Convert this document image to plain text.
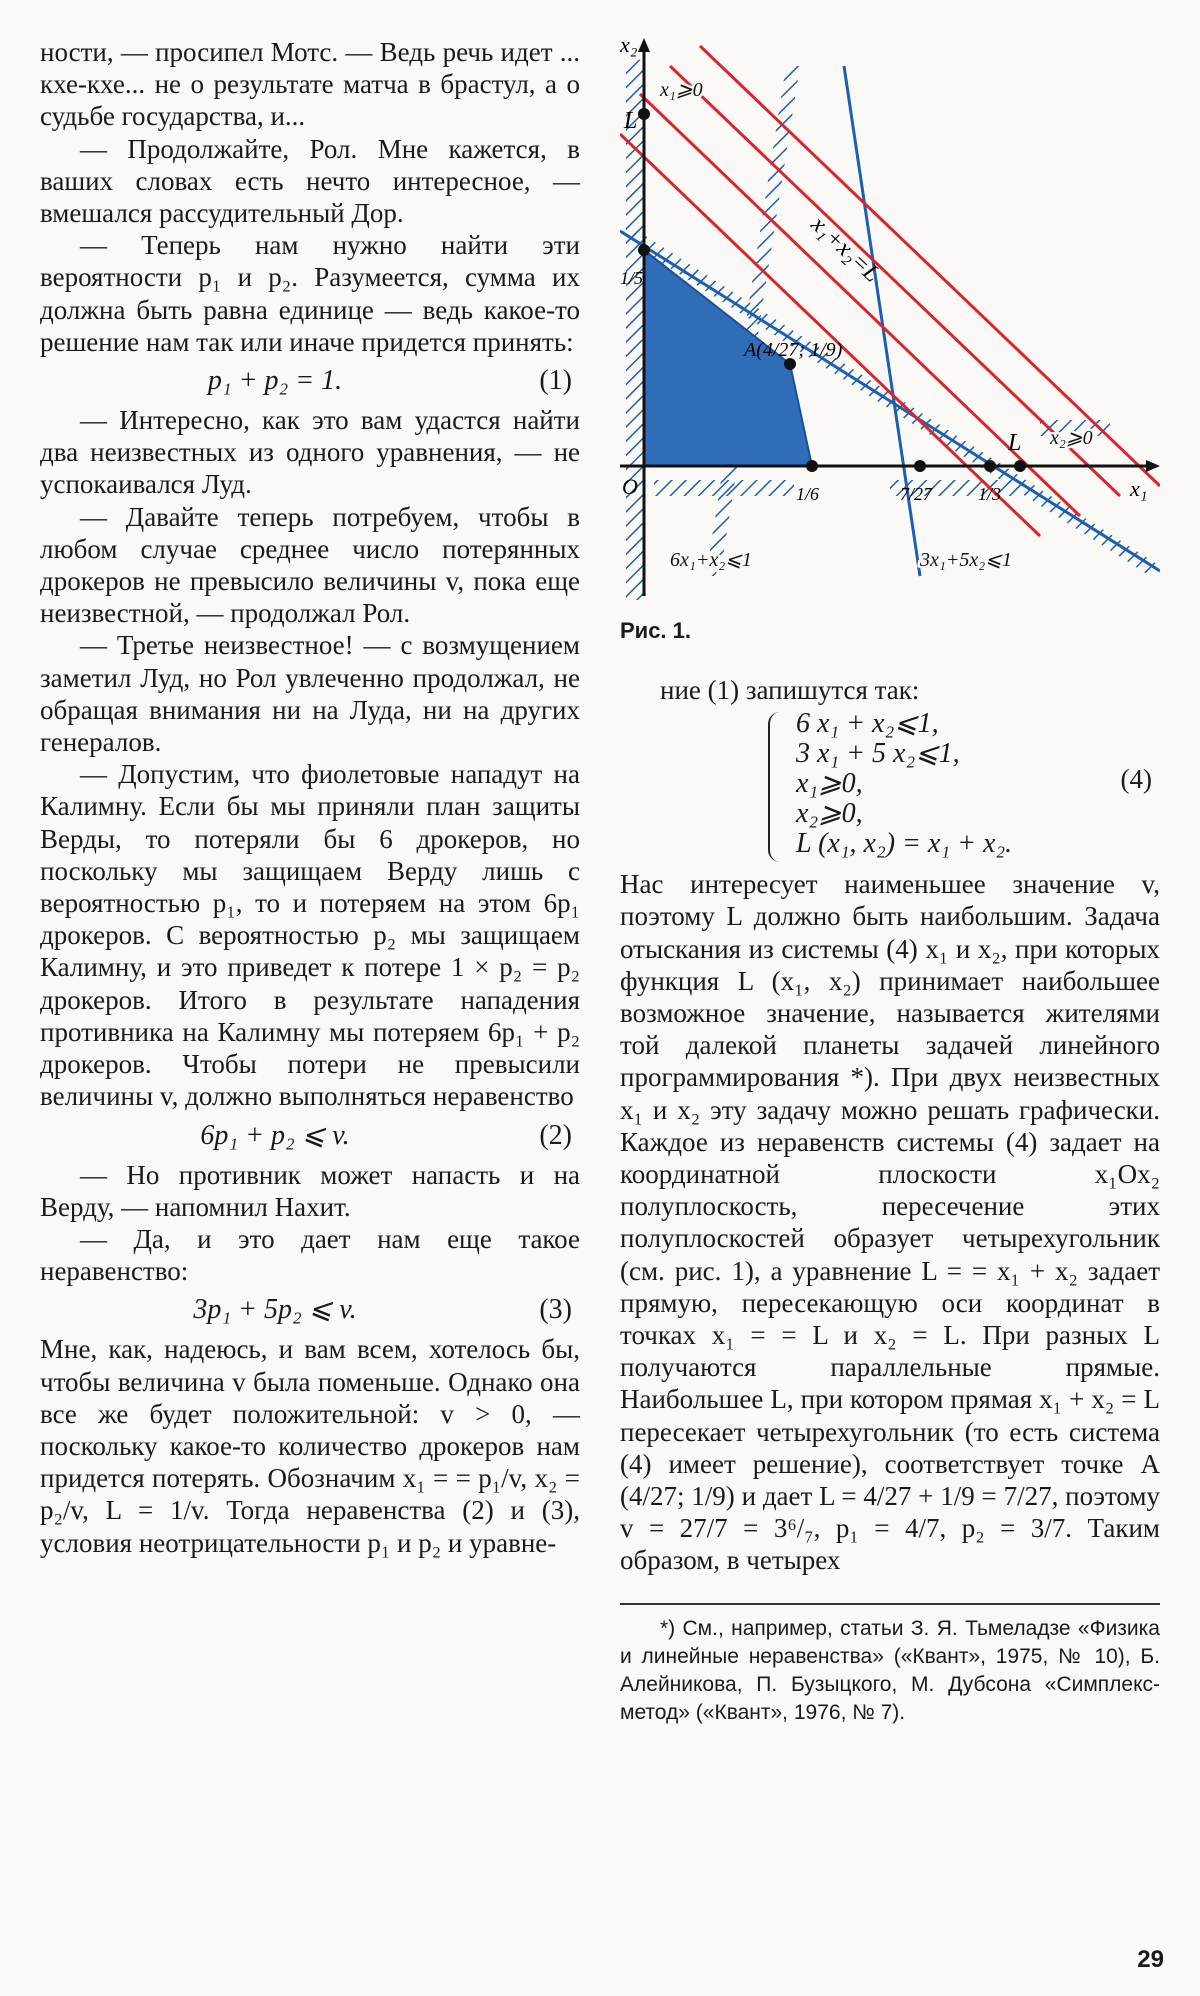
ности, — просипел Мотс. — Ведь речь идет ... кхе-кхе... не о результате матча в брастул, а о судьбе государства, и...

— Продолжайте, Рол. Мне кажется, в ваших словах есть нечто интересное, — вмешался рассудительный Дор.

— Теперь нам нужно найти эти вероятности p₁ и p₂. Разумеется, сумма их должна быть равна единице — ведь какое-то решение нам так или иначе придется принять:

p₁ + p₂ = 1.	(1)

— Интересно, как это вам удастся найти два неизвестных из одного уравнения, — не успокаивался Луд.

— Давайте теперь потребуем, чтобы в любом случае среднее число потерянных дрокеров не превысило величины v, пока еще неизвестной, — продолжал Рол.

— Третье неизвестное! — с возмущением заметил Луд, но Рол увлеченно продолжал, не обращая внимания ни на Луда, ни на других генералов.

— Допустим, что фиолетовые нападут на Калимну. Если бы мы приняли план защиты Верды, то потеряли бы 6 дрокеров, но поскольку мы защищаем Верду лишь с вероятностью p₁, то и потеряем на этом 6p₁ дрокеров. С вероятностью p₂ мы защищаем Калимну, и это приведет к потере 1 × p₂ = p₂ дрокеров. Итого в результате нападения противника на Калимну мы потеряем 6p₁ + p₂ дрокеров. Чтобы потери не превысили величины v, должно выполняться неравенство

6p₁ + p₂ ⩽ v.	(2)

— Но противник может напасть и на Верду, — напомнил Нахит.

— Да, и это дает нам еще такое неравенство:

3p₁ + 5p₂ ⩽ v.	(3)

Мне, как, надеюсь, и вам всем, хотелось бы, чтобы величина v была поменьше. Однако она все же будет положительной: v > 0, — поскольку какое-то количество дрокеров нам придется потерять. Обозначим x₁ = = p₁/v, x₂ = p₂/v, L = 1/v. Тогда неравенства (2) и (3), условия неотрицательности p₁ и p₂ и уравне-

x₂
x₁
O
L
L
1/5
1/6	7/27	1/3
A(4/27; 1/9)
x₁⩾0
x₂⩾0
x₁+x₂=L
6x₁+x₂⩽1	3x₁+5x₂⩽1
Рис. 1.

ние (1) запишутся так:

6 x₁ + x₂⩽1,
3 x₁ + 5 x₂⩽1,
x₁⩾0,
x₂⩾0,
L (x₁, x₂) = x₁ + x₂.
(4)

Нас интересует наименьшее значение v, поэтому L должно быть наибольшим. Задача отыскания из системы (4) x₁ и x₂, при которых функция L (x₁, x₂) принимает наибольшее возможное значение, называется жителями той далекой планеты задачей линейного программирования *). При двух неизвестных x₁ и x₂ эту задачу можно решать графически. Каждое из неравенств системы (4) задает на координатной плоскости x₁Ox₂ полуплоскость, пересечение этих полуплоскостей образует четырехугольник (см. рис. 1), а уравнение L = = x₁ + x₂ задает прямую, пересекающую оси координат в точках x₁ = = L и x₂ = L. При разных L получаются параллельные прямые. Наибольшее L, при котором прямая x₁ + x₂ = L пересекает четырехугольник (то есть система (4) имеет решение), соответствует точке A (4/27; 1/9) и дает L = 4/27 + 1/9 = 7/27, поэтому v = 27/7 = 3⁶/₇, p₁ = 4/7, p₂ = 3/7. Таким образом, в четырех

*) См., например, статьи З. Я. Тьмеладзе «Физика и линейные неравенства» («Квант», 1975, № 10), Б. Алейникова, П. Бузыцкого, М. Дубсона «Симплекс-метод» («Квант», 1976, № 7).

29
